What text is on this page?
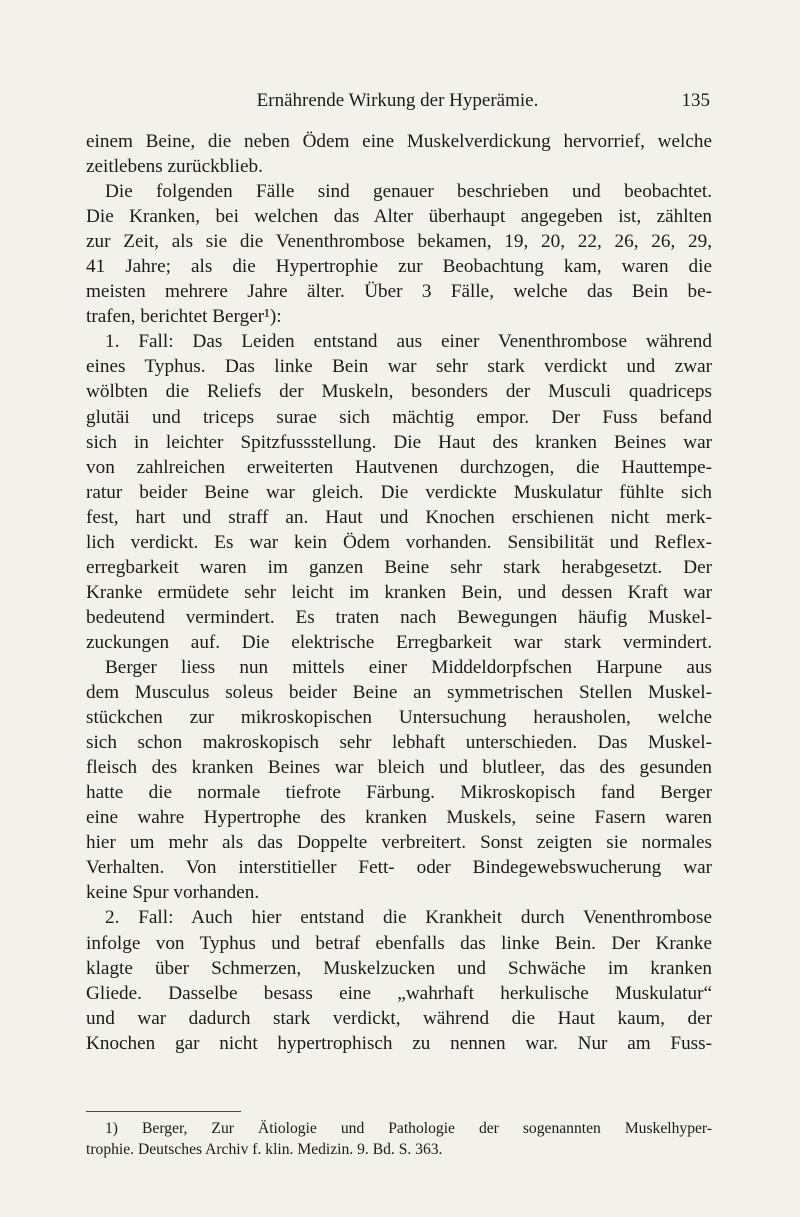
Ernährende Wirkung der Hyperämie.	135
einem Beine, die neben Ödem eine Muskelverdickung hervorrief, welche
zeitlebens zurückblieb.
Die folgenden Fälle sind genauer beschrieben und beobachtet.
Die Kranken, bei welchen das Alter überhaupt angegeben ist, zählten
zur Zeit, als sie die Venenthrombose bekamen, 19, 20, 22, 26, 26, 29,
41 Jahre; als die Hypertrophie zur Beobachtung kam, waren die
meisten mehrere Jahre älter. Über 3 Fälle, welche das Bein be-
trafen, berichtet Berger¹):
1. Fall: Das Leiden entstand aus einer Venenthrombose während
eines Typhus. Das linke Bein war sehr stark verdickt und zwar
wölbten die Reliefs der Muskeln, besonders der Musculi quadriceps
glutäi und triceps surae sich mächtig empor. Der Fuss befand
sich in leichter Spitzfussstellung. Die Haut des kranken Beines war
von zahlreichen erweiterten Hautvenen durchzogen, die Hauttempe-
ratur beider Beine war gleich. Die verdickte Muskulatur fühlte sich
fest, hart und straff an. Haut und Knochen erschienen nicht merk-
lich verdickt. Es war kein Ödem vorhanden. Sensibilität und Reflex-
erregbarkeit waren im ganzen Beine sehr stark herabgesetzt. Der
Kranke ermüdete sehr leicht im kranken Bein, und dessen Kraft war
bedeutend vermindert. Es traten nach Bewegungen häufig Muskel-
zuckungen auf. Die elektrische Erregbarkeit war stark vermindert.
Berger liess nun mittels einer Middeldorpfschen Harpune aus
dem Musculus soleus beider Beine an symmetrischen Stellen Muskel-
stückchen zur mikroskopischen Untersuchung herausholen, welche
sich schon makroskopisch sehr lebhaft unterschieden. Das Muskel-
fleisch des kranken Beines war bleich und blutleer, das des gesunden
hatte die normale tiefrote Färbung. Mikroskopisch fand Berger
eine wahre Hypertrophe des kranken Muskels, seine Fasern waren
hier um mehr als das Doppelte verbreitert. Sonst zeigten sie normales
Verhalten. Von interstitieller Fett- oder Bindegewebswucherung war
keine Spur vorhanden.
2. Fall: Auch hier entstand die Krankheit durch Venenthrombose
infolge von Typhus und betraf ebenfalls das linke Bein. Der Kranke
klagte über Schmerzen, Muskelzucken und Schwäche im kranken
Gliede. Dasselbe besass eine „wahrhaft herkulische Muskulatur“
und war dadurch stark verdickt, während die Haut kaum, der
Knochen gar nicht hypertrophisch zu nennen war. Nur am Fuss-
1) Berger, Zur Ätiologie und Pathologie der sogenannten Muskelhyper-
trophie. Deutsches Archiv f. klin. Medizin. 9. Bd. S. 363.
